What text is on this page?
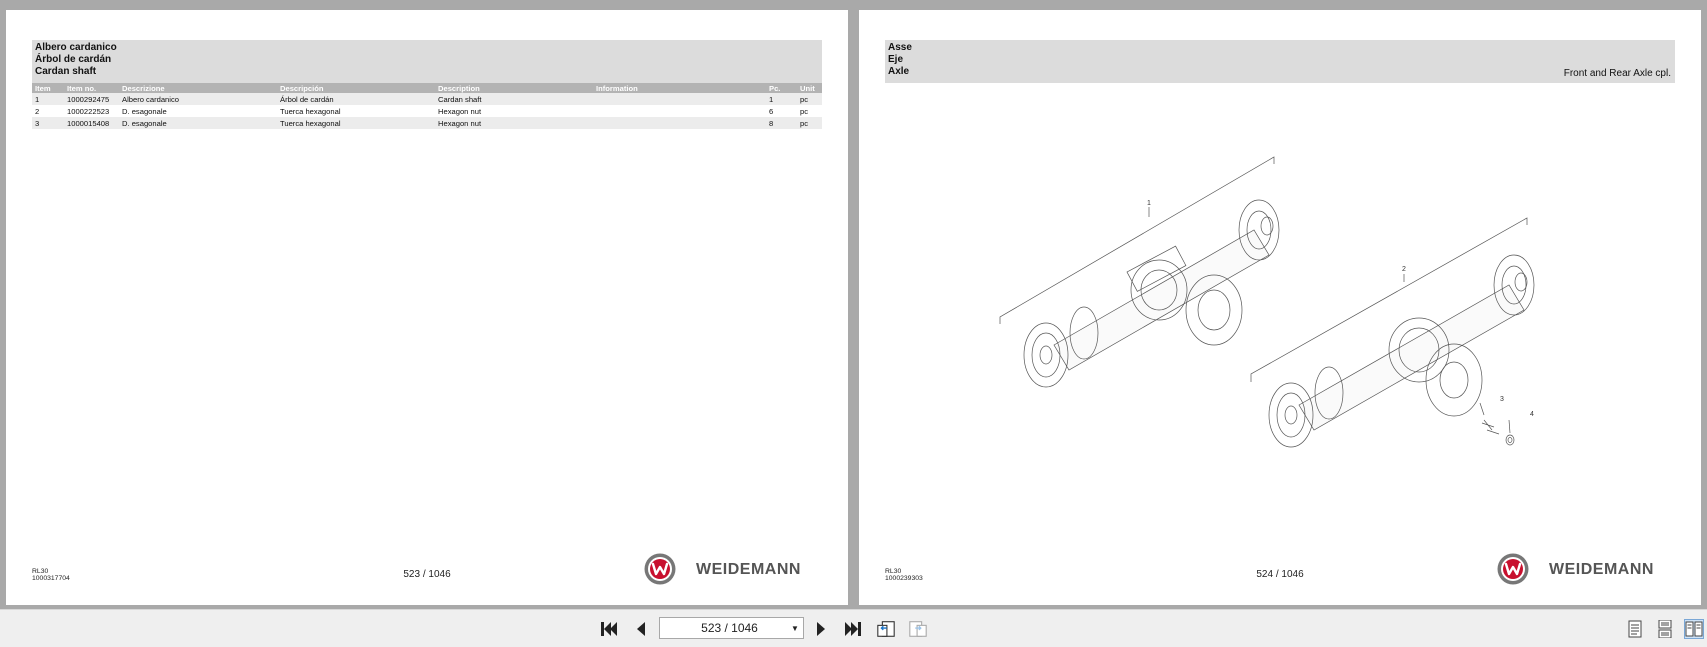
Albero cardanico
Árbol de cardán
Cardan shaft
Item	Item no.	Descrizione	Descripción	Description	Information	Pc.	Unit
1	1000292475	Albero cardanico	Árbol de cardán	Cardan shaft		1	pc
2	1000222523	D. esagonale	Tuerca hexagonal	Hexagon nut		6	pc
3	1000015408	D. esagonale	Tuerca hexagonal	Hexagon nut		8	pc
RL30
1000317704	523 / 1046	WEIDEMANN
Asse
Eje
Axle	Front and Rear Axle cpl.
1
2
3
4
RL30
1000239303	524 / 1046	WEIDEMANN
523 / 1046	▼
